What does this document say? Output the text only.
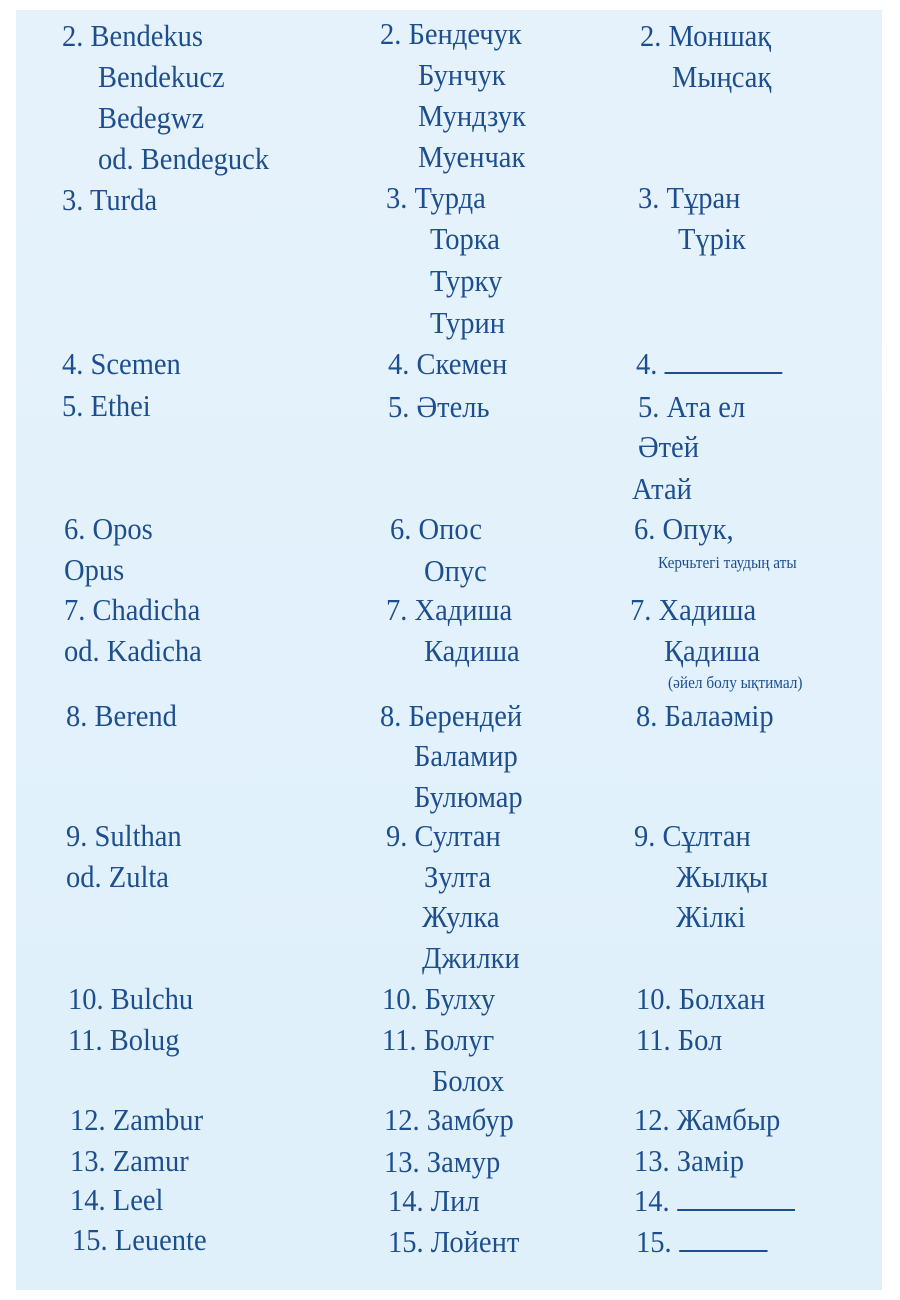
2. Bendekus
Bendekucz
Bedegwz
od. Bendeguck
3. Turda
4. Scemen
5. Ethei
6. Opos
Opus
7. Chadicha
od. Kadicha
8. Berend
9. Sulthan
od. Zulta
10. Bulchu
11. Bolug
12. Zambur
13. Zamur
14. Leel
15. Leuente
2. Бендечук
Бунчук
Мундзук
Муенчак
3. Турда
Торка
Турку
Турин
4. Скемен
5. Әтель
6. Опос
Опус
7. Хадиша
Кадиша
8. Берендей
Баламир
Булюмар
9. Султан
Зулта
Жулка
Джилки
10. Булху
11. Болуг
Болох
12. Замбур
13. Замур
14. Лил
15. Лойент
2. Моншақ
Мыңсақ
3. Тұран
Түрік
4.
5. Ата ел
Әтей
Атай
6. Опук,
7. Хадиша
Қадиша
8. Балаәмір
9. Сұлтан
Жылқы
Жілкі
10. Болхан
11. Бол
12. Жамбыр
13. Замір
14.
15.
Керчьтегі таудың аты
(әйел болу ықтимал)
